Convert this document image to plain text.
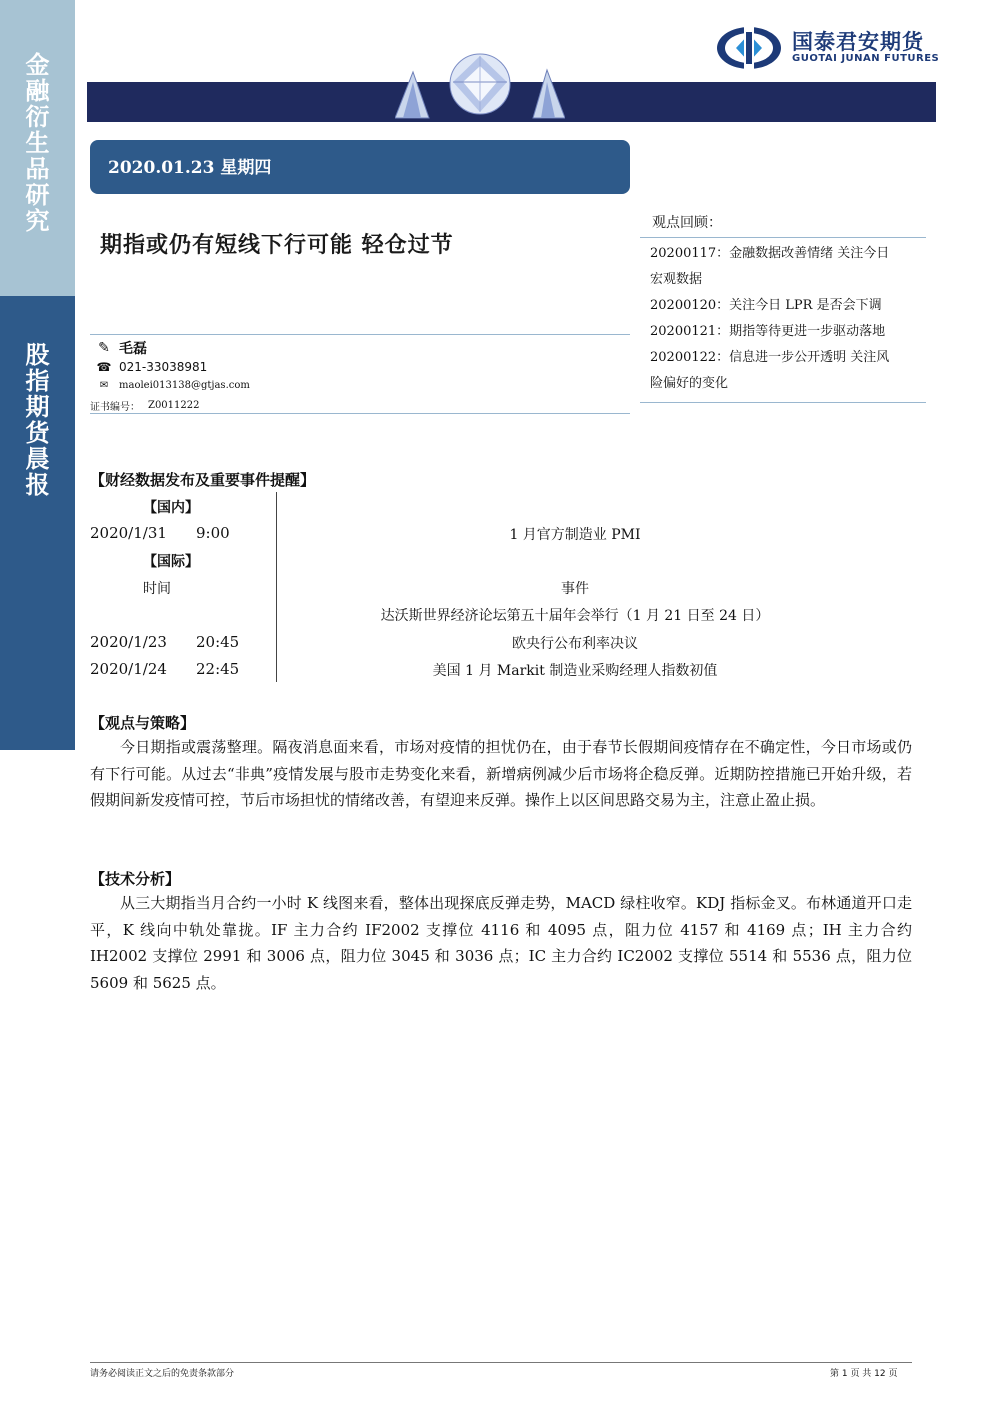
金
融
衍
生
品
研
究
股
指
期
货
晨
报
国泰君安期货
GUOTAI JUNAN FUTURES
2020.01.23 星期四
期指或仍有短线下行可能 轻仓过节
✎ 毛磊
☎ 021-33038981
✉	maolei013138@gtjas.com
证书编号： Z0011222
观点回顾：
20200117：金融数据改善情绪 关注今日
宏观数据
20200120：关注今日 LPR 是否会下调
20200121：期指等待更进一步驱动落地
20200122：信息进一步公开透明 关注风
险偏好的变化
【财经数据发布及重要事件提醒】
【国内】
2020/1/31 9:00	1 月官方制造业 PMI
【国际】
时间	事件
达沃斯世界经济论坛第五十届年会举行（1 月 21 日至 24 日）
2020/1/23 20:45	欧央行公布利率决议
2020/1/24 22:45	美国 1 月 Markit 制造业采购经理人指数初值
【观点与策略】
今日期指或震荡整理。隔夜消息面来看，市场对疫情的担忧仍在，由于春节长假期间疫情存在不确定性，今日市场或仍有下行可能。从过去“非典”疫情发展与股市走势变化来看，新增病例减少后市场将企稳反弹。近期防控措施已开始升级，若假期间新发疫情可控，节后市场担忧的情绪改善，有望迎来反弹。操作上以区间思路交易为主，注意止盈止损。
【技术分析】
从三大期指当月合约一小时 K 线图来看，整体出现探底反弹走势，MACD 绿柱收窄。KDJ 指标金叉。布林通道开口走平，K 线向中轨处靠拢。IF 主力合约 IF2002 支撑位 4116 和 4095 点，阻力位 4157 和 4169 点；IH 主力合约 IH2002 支撑位 2991 和 3006 点，阻力位 3045 和 3036 点；IC 主力合约 IC2002 支撑位 5514 和 5536 点，阻力位 5609 和 5625 点。
请务必阅读正文之后的免责条款部分	第 1 页 共 12 页
